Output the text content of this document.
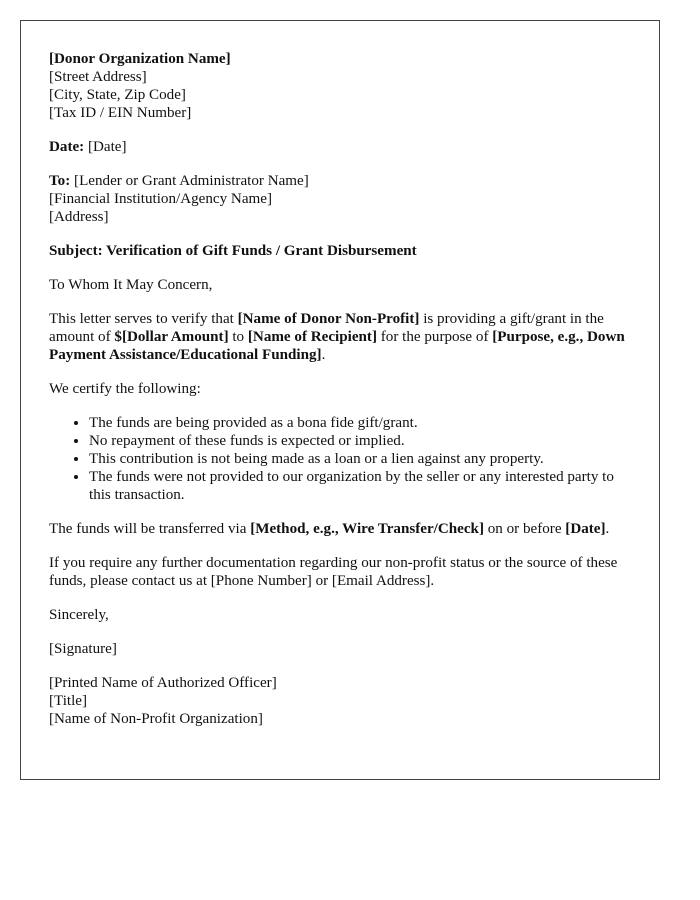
[Donor Organization Name]
[Street Address]
[City, State, Zip Code]
[Tax ID / EIN Number]
Date: [Date]
To: [Lender or Grant Administrator Name]
[Financial Institution/Agency Name]
[Address]
Subject: Verification of Gift Funds / Grant Disbursement
To Whom It May Concern,
This letter serves to verify that [Name of Donor Non-Profit] is providing a gift/grant in the amount of $[Dollar Amount] to [Name of Recipient] for the purpose of [Purpose, e.g., Down Payment Assistance/Educational Funding].
We certify the following:
• The funds are being provided as a bona fide gift/grant.
• No repayment of these funds is expected or implied.
• This contribution is not being made as a loan or a lien against any property.
• The funds were not provided to our organization by the seller or any interested party to this transaction.
The funds will be transferred via [Method, e.g., Wire Transfer/Check] on or before [Date].
If you require any further documentation regarding our non-profit status or the source of these funds, please contact us at [Phone Number] or [Email Address].
Sincerely,
[Signature]
[Printed Name of Authorized Officer]
[Title]
[Name of Non-Profit Organization]
